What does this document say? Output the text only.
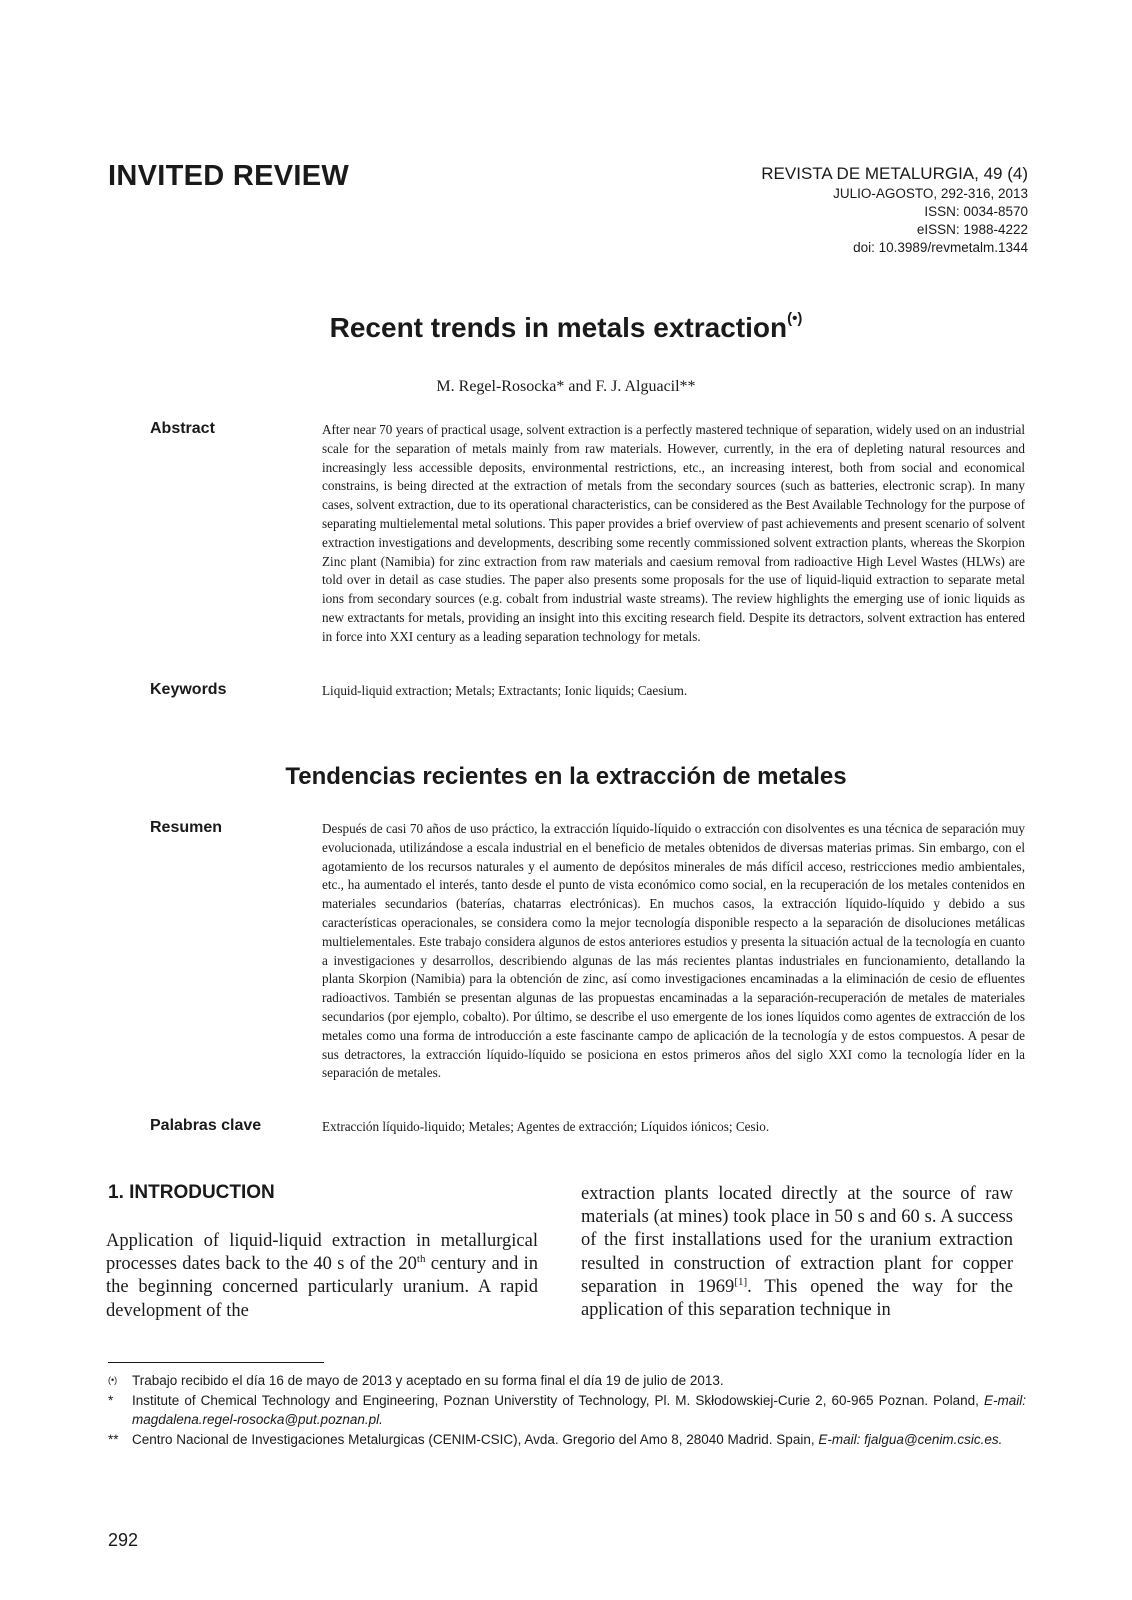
INVITED REVIEW	REVISTA DE METALURGIA, 49 (4)
JULIO-AGOSTO, 292-316, 2013
ISSN: 0034-8570
eISSN: 1988-4222
doi: 10.3989/revmetalm.1344
Recent trends in metals extraction(•)
M. Regel-Rosocka* and F. J. Alguacil**
Abstract	After near 70 years of practical usage, solvent extraction is a perfectly mastered technique of separation, widely used on an industrial scale for the separation of metals mainly from raw materials. However, currently, in the era of depleting natural resources and increasingly less accessible deposits, environmental restrictions, etc., an increasing interest, both from social and economical constrains, is being directed at the extraction of metals from the secondary sources (such as batteries, electronic scrap). In many cases, solvent extraction, due to its operational characteristics, can be considered as the Best Available Technology for the purpose of separating multielemental metal solutions. This paper provides a brief overview of past achievements and present scenario of solvent extraction investigations and developments, describing some recently commissioned solvent extraction plants, whereas the Skorpion Zinc plant (Namibia) for zinc extraction from raw materials and caesium removal from radioactive High Level Wastes (HLWs) are told over in detail as case studies. The paper also presents some proposals for the use of liquid-liquid extraction to separate metal ions from secondary sources (e.g. cobalt from industrial waste streams). The review highlights the emerging use of ionic liquids as new extractants for metals, providing an insight into this exciting research field. Despite its detractors, solvent extraction has entered in force into XXI century as a leading separation technology for metals.
Keywords	Liquid-liquid extraction; Metals; Extractants; Ionic liquids; Caesium.
Tendencias recientes en la extracción de metales
Resumen	Después de casi 70 años de uso práctico, la extracción líquido-líquido o extracción con disolventes es una técnica de separación muy evolucionada, utilizándose a escala industrial en el beneficio de metales obtenidos de diversas materias primas. Sin embargo, con el agotamiento de los recursos naturales y el aumento de depósitos minerales de más difícil acceso, restricciones medio ambientales, etc., ha aumentado el interés, tanto desde el punto de vista económico como social, en la recuperación de los metales contenidos en materiales secundarios (baterías, chatarras electrónicas). En muchos casos, la extracción líquido-líquido y debido a sus características operacionales, se considera como la mejor tecnología disponible respecto a la separación de disoluciones metálicas multielementales. Este trabajo considera algunos de estos anteriores estudios y presenta la situación actual de la tecnología en cuanto a investigaciones y desarrollos, describiendo algunas de las más recientes plantas industriales en funcionamiento, detallando la planta Skorpion (Namibia) para la obtención de zinc, así como investigaciones encaminadas a la eliminación de cesio de efluentes radioactivos. También se presentan algunas de las propuestas encaminadas a la separación-recuperación de metales de materiales secundarios (por ejemplo, cobalto). Por último, se describe el uso emergente de los iones líquidos como agentes de extracción de los metales como una forma de introducción a este fascinante campo de aplicación de la tecnología y de estos compuestos. A pesar de sus detractores, la extracción líquido-líquido se posiciona en estos primeros años del siglo XXI como la tecnología líder en la separación de metales.
Palabras clave	Extracción líquido-liquido; Metales; Agentes de extracción; Líquidos iónicos; Cesio.
1. INTRODUCTION
Application of liquid-liquid extraction in metallurgical processes dates back to the 40 s of the 20th century and in the beginning concerned particularly uranium. A rapid development of the
extraction plants located directly at the source of raw materials (at mines) took place in 50 s and 60 s. A success of the first installations used for the uranium extraction resulted in construction of extraction plant for copper separation in 1969[1]. This opened the way for the application of this separation technique in
(•) Trabajo recibido el día 16 de mayo de 2013 y aceptado en su forma final el día 19 de julio de 2013.
* Institute of Chemical Technology and Engineering, Poznan Universtity of Technology, Pl. M. Skłodowskiej-Curie 2, 60-965 Poznan. Poland, E-mail: magdalena.regel-rosocka@put.poznan.pl.
** Centro Nacional de Investigaciones Metalurgicas (CENIM-CSIC), Avda. Gregorio del Amo 8, 28040 Madrid. Spain, E-mail: fjalgua@cenim.csic.es.
292
